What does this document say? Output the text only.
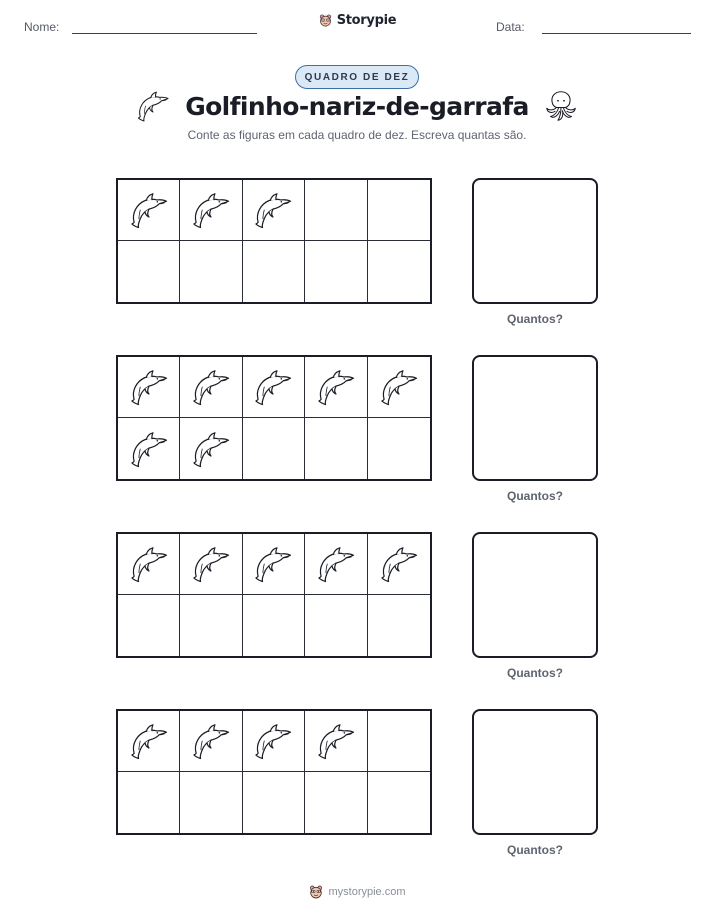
Nome:	Storypie	Data:
QUADRO DE DEZ
Golfinho-nariz-de-garrafa

Conte as figuras em cada quadro de dez. Escreva quantas são.

Quantos?
Quantos?
Quantos?
Quantos?
mystorypie.com
